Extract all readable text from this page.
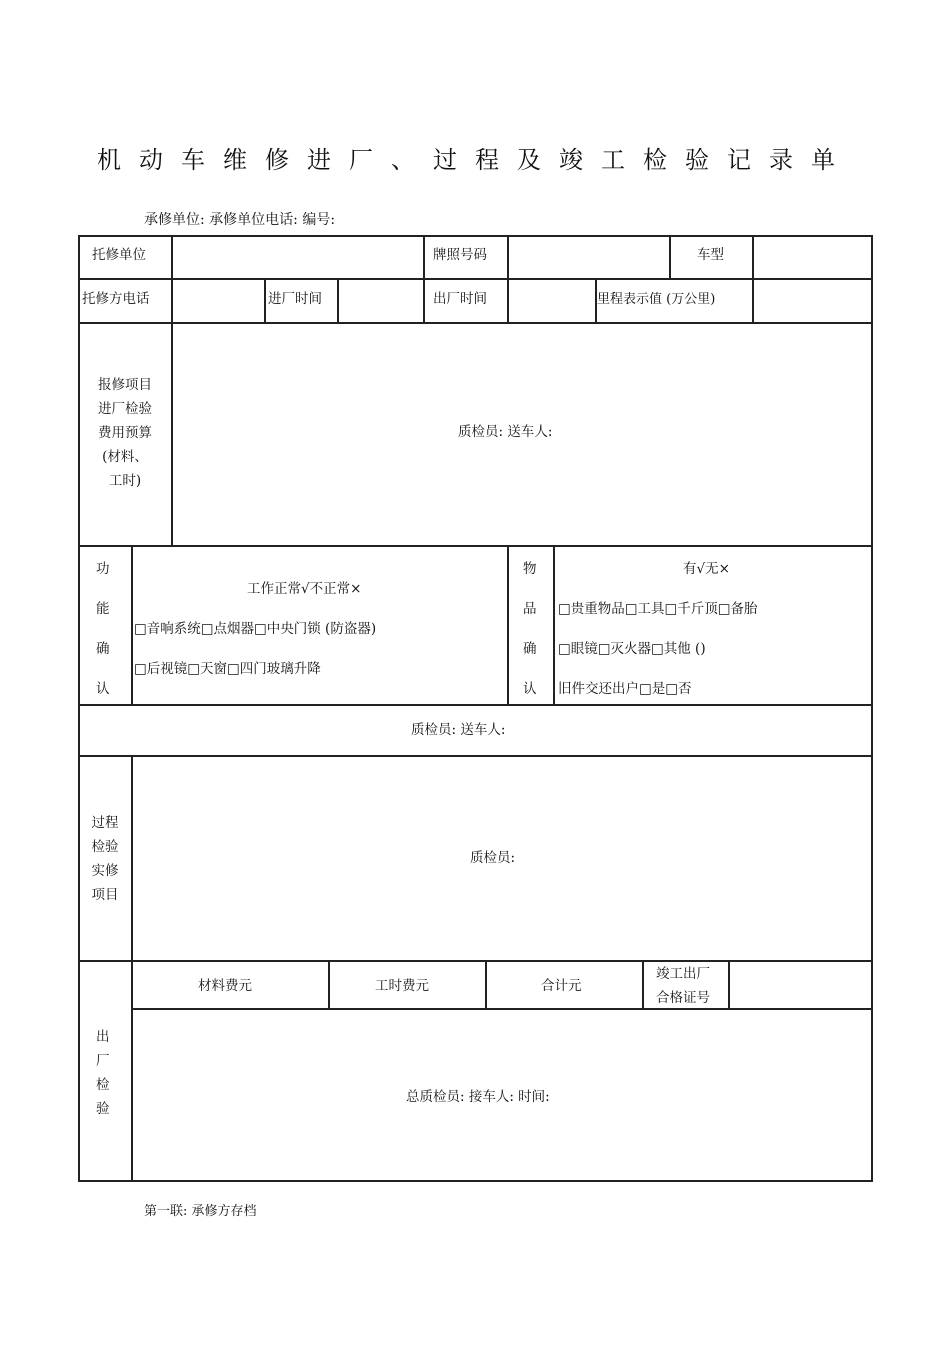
机动车维修进厂、过程及竣工检验记录单
承修单位: 承修单位电话: 编号:
托修单位	牌照号码	车型
托修方电话	进厂时间	出厂时间	里程表示值 (万公里)
报修项目
进厂检验
费用预算
(材料、
工时)
质检员: 送车人:
功
能
确
认
工作正常√不正常×
□音响系统□点烟器□中央门锁 (防盗器)
□后视镜□天窗□四门玻璃升降
物
品
确
认
有√无×
□贵重物品□工具□千斤顶□备胎
□眼镜□灭火器□其他 ()
旧件交还出户□是□否
质检员: 送车人:
过程
检验
实修
项目
质检员:
出
厂
检
验
材料费元	工时费元	合计元
竣工出厂
合格证号
总质检员: 接车人: 时间:
第一联: 承修方存档
